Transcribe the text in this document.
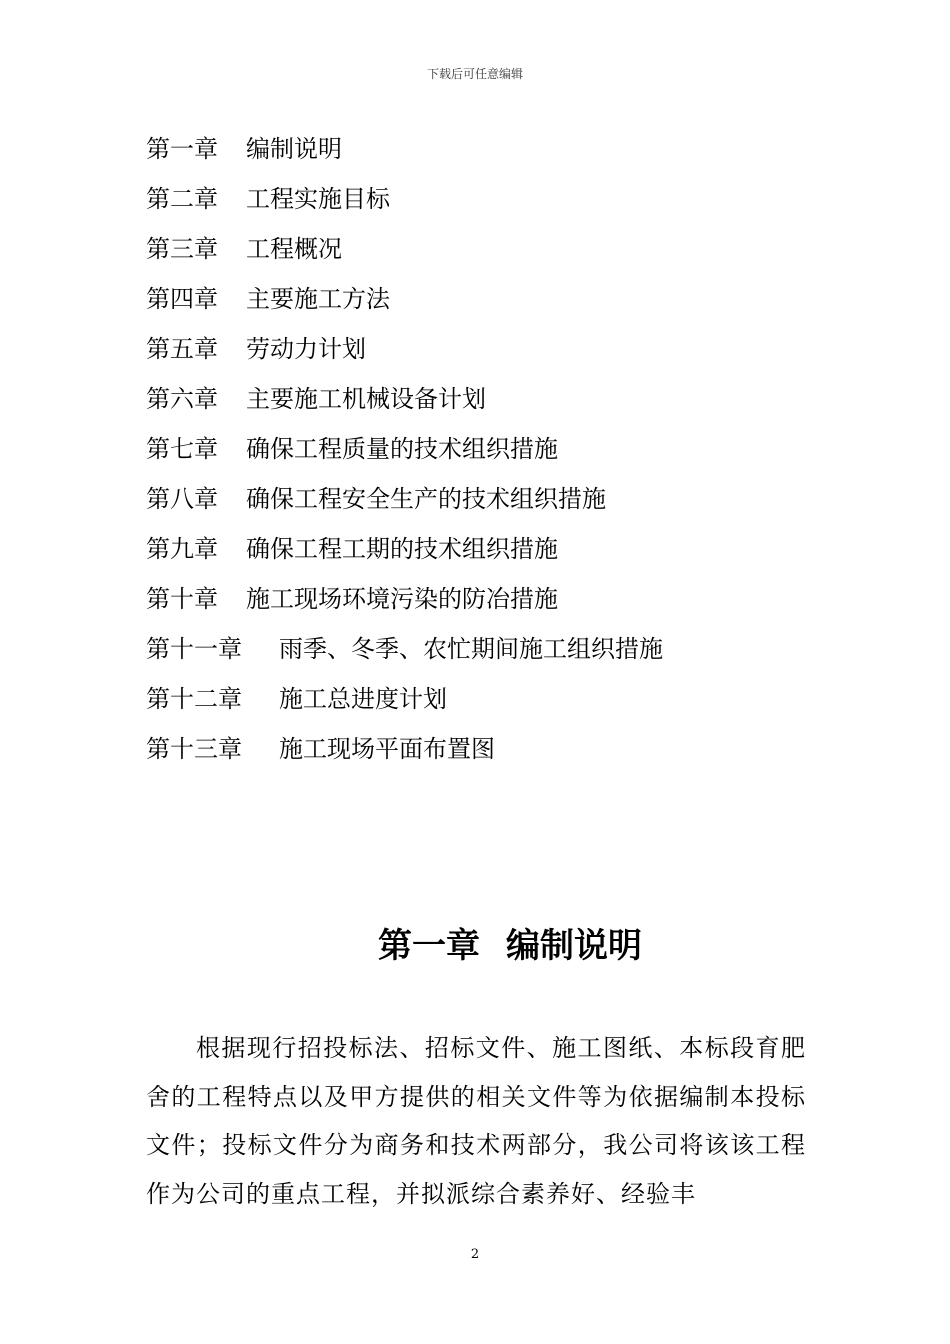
下载后可任意编辑
第一章 编制说明
第二章 工程实施目标
第三章 工程概况
第四章 主要施工方法
第五章 劳动力计划
第六章 主要施工机械设备计划
第七章 确保工程质量的技术组织措施
第八章 确保工程安全生产的技术组织措施
第九章 确保工程工期的技术组织措施
第十章 施工现场环境污染的防冶措施
第十一章 雨季、冬季、农忙期间施工组织措施
第十二章 施工总进度计划
第十三章 施工现场平面布置图
第一章 编制说明

根据现行招投标法、招标文件、施工图纸、本标段育肥舍的工程特点以及甲方提供的相关文件等为依据编制本投标文件；投标文件分为商务和技术两部分，我公司将该该工程作为公司的重点工程，并拟派综合素养好、经验丰

2
